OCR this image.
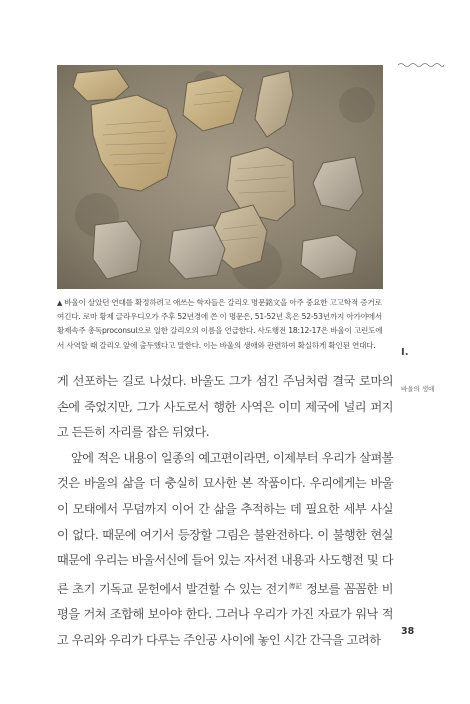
▲ 바울이 살았던 연대를 확정하려고 애쓰는 학자들은 갈리오 명문銘文을 아주 중요한 고고학적 증거로 여긴다. 로마 황제 글라우디오가 주후 52년경에 쓴 이 명문은, 51-52년 혹은 52-53년까지 아가야에서 황제속주 총독proconsul으로 일한 갈리오의 이름을 언급한다. 사도행전 18:12-17은 바울이 고린도에서 사역할 때 갈리오 앞에 출두했다고 말한다. 이는 바울의 생애와 관련하여 확실하게 확인된 연대다.
I.
바울의 생애

게 선포하는 길로 나섰다. 바울도 그가 섬긴 주님처럼 결국 로마의 손에 죽었지만, 그가 사도로서 행한 사역은 이미 제국에 널리 퍼지고 든든히 자리를 잡은 뒤였다.

앞에 적은 내용이 일종의 예고편이라면, 이제부터 우리가 살펴볼 것은 바울의 삶을 더 충실히 묘사한 본 작품이다. 우리에게는 바울이 모태에서 무덤까지 이어 간 삶을 추적하는 데 필요한 세부 사실이 없다. 때문에 여기서 등장할 그림은 불완전하다. 이 불행한 현실 때문에 우리는 바울서신에 들어 있는 자서전 내용과 사도행전 및 다른 초기 기독교 문헌에서 발견할 수 있는 전기$^{傳記}$ 정보를 꼼꼼한 비평을 거쳐 조합해 보아야 한다. 그러나 우리가 가진 자료가 워낙 적고 우리와 우리가 다루는 주인공 사이에 놓인 시간 간극을 고려하

38
